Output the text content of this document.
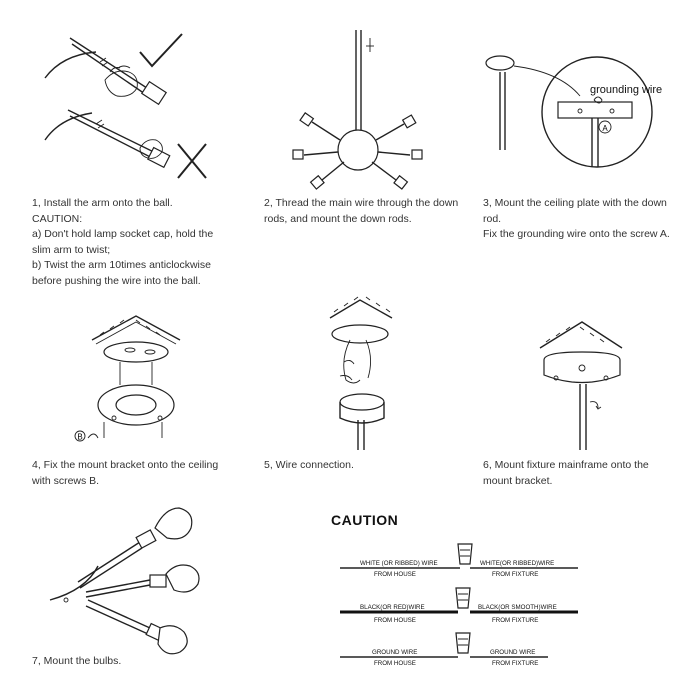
A
grounding wire
B
1, Install the arm onto the ball.
CAUTION:
a) Don't hold lamp socket cap, hold the
slim arm to twist;
b) Twist the arm 10times anticlockwise
before pushing the wire into the ball.
2, Thread the main wire through the down
rods, and mount the down rods.
3, Mount the ceiling plate with the down
rod.
Fix the grounding wire onto the screw A.
4, Fix the mount bracket onto the ceiling
with screws B.
5, Wire connection.	6, Mount fixture mainframe onto the
mount bracket.
7, Mount the bulbs.
CAUTION
WHITE (OR RIBBED) WIRE
FROM HOUSE
WHITE(OR RIBBED)WIRE
FROM FIXTURE
BLACK(OR RED)WIRE
FROM HOUSE
BLACK(OR SMOOTH)WIRE
FROM FIXTURE
GROUND WIRE
FROM HOUSE
GROUND WIRE
FROM FIXTURE
